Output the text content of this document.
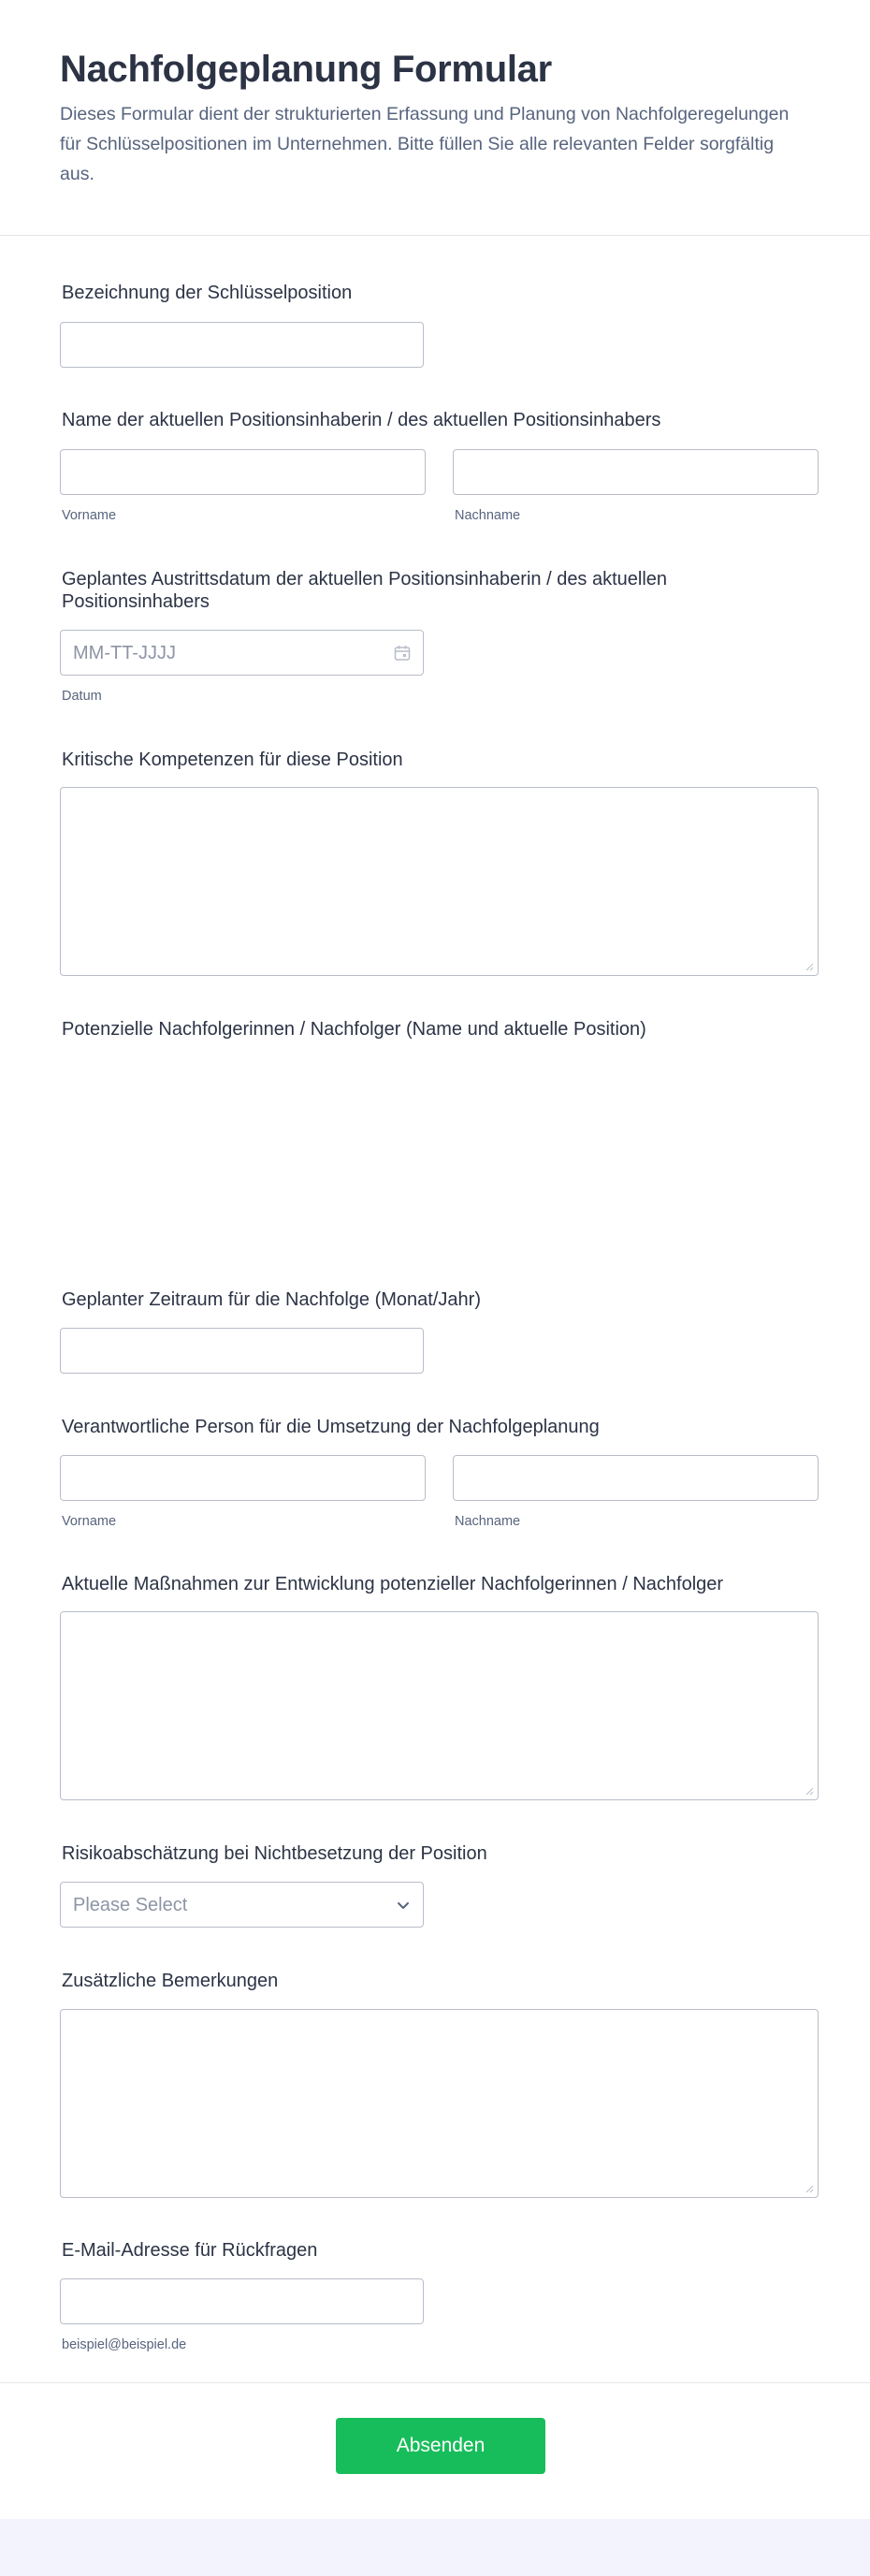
Nachfolgeplanung Formular

Dieses Formular dient der strukturierten Erfassung und Planung von Nachfolgeregelungen für Schlüsselpositionen im Unternehmen. Bitte füllen Sie alle relevanten Felder sorgfältig aus.

Bezeichnung der Schlüsselposition
Name der aktuellen Positionsinhaberin / des aktuellen Positionsinhabers
Vorname	Nachname
Geplantes Austrittsdatum der aktuellen Positionsinhaberin / des aktuellen Positionsinhabers
MM-TT-JJJJ
Datum
Kritische Kompetenzen für diese Position
Potenzielle Nachfolgerinnen / Nachfolger (Name und aktuelle Position)
Geplanter Zeitraum für die Nachfolge (Monat/Jahr)
Verantwortliche Person für die Umsetzung der Nachfolgeplanung
Vorname	Nachname
Aktuelle Maßnahmen zur Entwicklung potenzieller Nachfolgerinnen / Nachfolger
Risikoabschätzung bei Nichtbesetzung der Position
Please Select
Zusätzliche Bemerkungen
E-Mail-Adresse für Rückfragen
beispiel@beispiel.de
Absenden
